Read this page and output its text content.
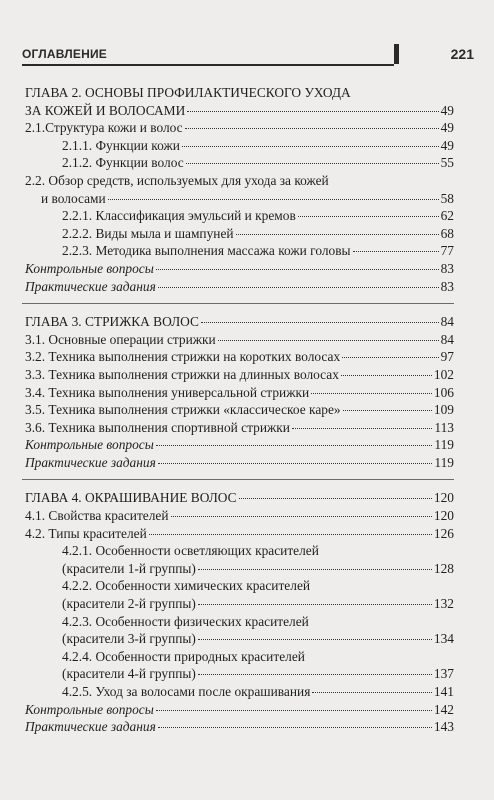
ОГЛАВЛЕНИЕ	221
ГЛАВА 2. ОСНОВЫ ПРОФИЛАКТИЧЕСКОГО УХОДА
ЗА КОЖЕЙ И ВОЛОСАМИ	49
2.1.Структура кожи и волос	49
2.1.1. Функции кожи	49
2.1.2. Функции волос	55
2.2. Обзор средств, используемых для ухода за кожей
и волосами	58
2.2.1. Классификация эмульсий и кремов	62
2.2.2. Виды мыла и шампуней	68
2.2.3. Методика выполнения массажа кожи головы	77
Контрольные вопросы	83
Практические задания	83
ГЛАВА 3. СТРИЖКА ВОЛОС	84
3.1. Основные операции стрижки	84
3.2. Техника выполнения стрижки на коротких волосах	97
3.3. Техника выполнения стрижки на длинных волосах	102
3.4. Техника выполнения универсальной стрижки	106
3.5. Техника выполнения стрижки «классическое каре»	109
3.6. Техника выполнения спортивной стрижки	113
Контрольные вопросы	119
Практические задания	119
ГЛАВА 4. ОКРАШИВАНИЕ ВОЛОС	120
4.1. Свойства красителей	120
4.2. Типы красителей	126
4.2.1. Особенности осветляющих красителей
(красители 1-й группы)	128
4.2.2. Особенности химических красителей
(красители 2-й группы)	132
4.2.3. Особенности физических красителей
(красители 3-й группы)	134
4.2.4. Особенности природных красителей
(красители 4-й группы)	137
4.2.5. Уход за волосами после окрашивания	141
Контрольные вопросы	142
Практические задания	143
